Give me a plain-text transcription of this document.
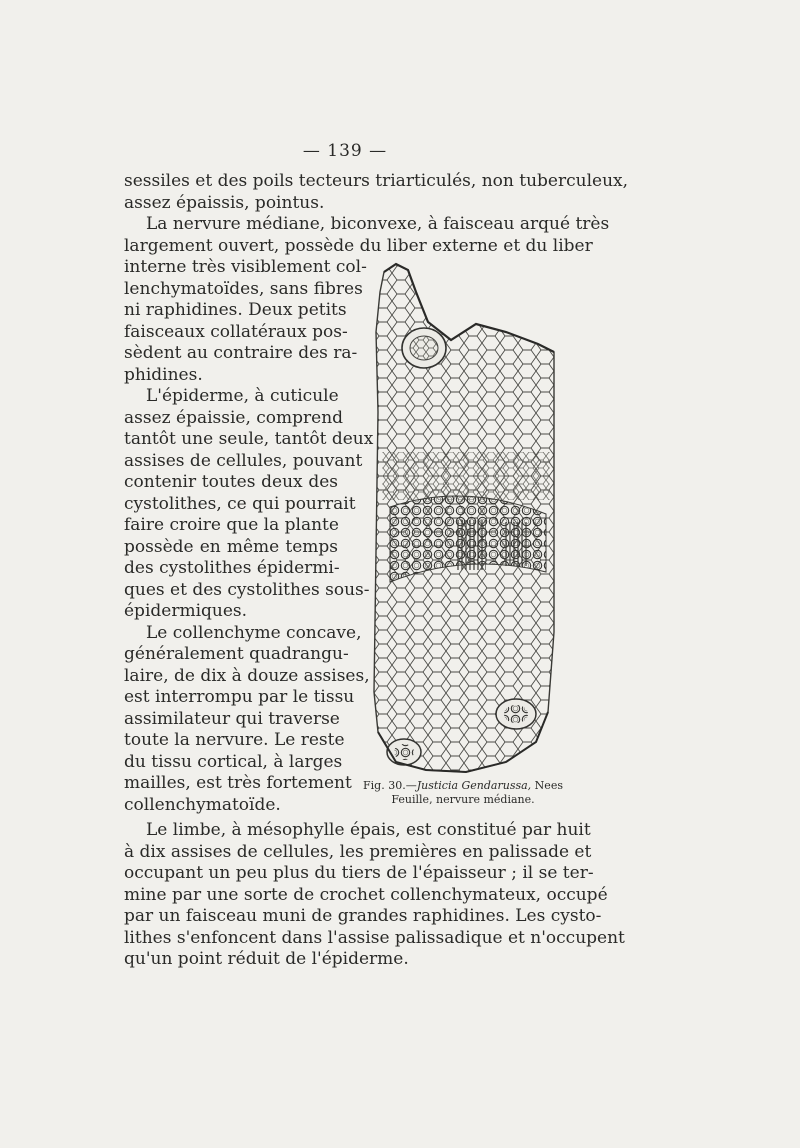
— 139 —
sessiles et des poils tecteurs triarticulés, non tuberculeux,
assez épaissis, pointus.
La nervure médiane, biconvexe, à faisceau arqué très
largement ouvert, possède du liber externe et du liber
interne très visiblement col-
lenchymatoïdes, sans fibres
ni raphidines. Deux petits
faisceaux collatéraux pos-
sèdent au contraire des ra-
phidines.
L'épiderme, à cuticule
assez épaissie, comprend
tantôt une seule, tantôt deux
assises de cellules, pouvant
contenir toutes deux des
cystolithes, ce qui pourrait
faire croire que la plante
possède en même temps
des cystolithes épidermi-
ques et des cystolithes sous-
épidermiques.
Le collenchyme concave,
généralement quadrangu-
laire, de dix à douze assises,
est interrompu par le tissu
assimilateur qui traverse
toute la nervure. Le reste
du tissu cortical, à larges
mailles, est très fortement
collenchymatoïde.
Fig. 30.—Justicia Gendarussa, Nees
Feuille, nervure médiane.
Le limbe, à mésophylle épais, est constitué par huit
à dix assises de cellules, les premières en palissade et
occupant un peu plus du tiers de l'épaisseur ; il se ter-
mine par une sorte de crochet collenchymateux, occupé
par un faisceau muni de grandes raphidines. Les cysto-
lithes s'enfoncent dans l'assise palissadique et n'occupent
qu'un point réduit de l'épiderme.
